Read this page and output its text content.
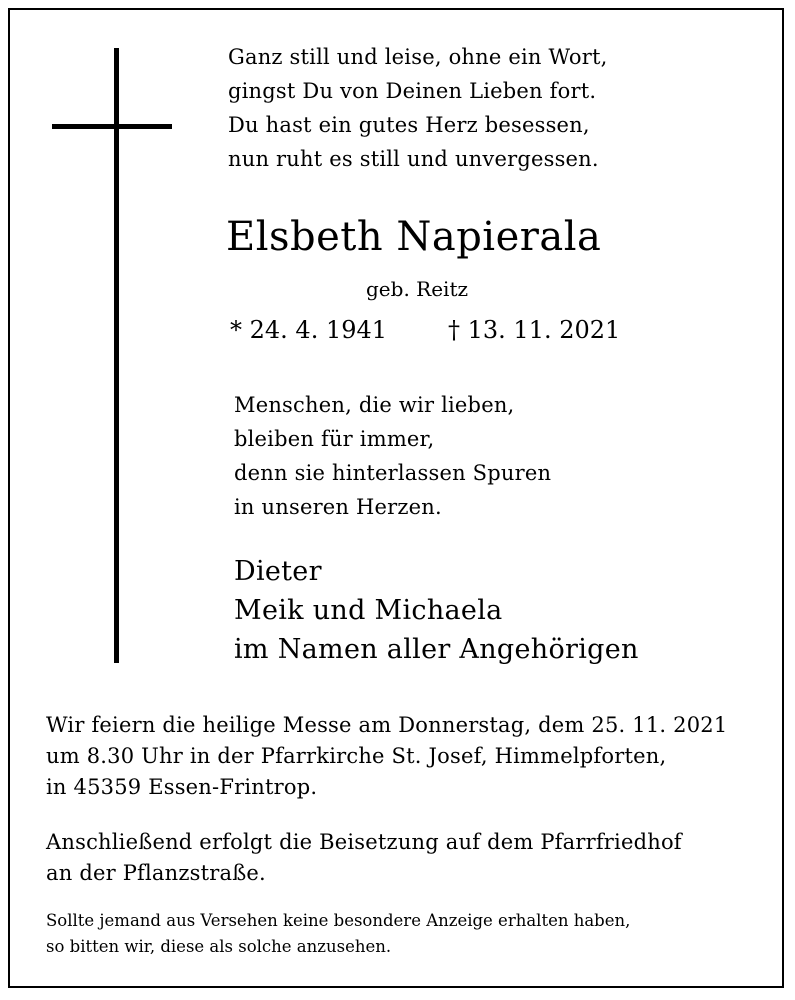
Ganz still und leise, ohne ein Wort,
gingst Du von Deinen Lieben fort.
Du hast ein gutes Herz besessen,
nun ruht es still und unvergessen.
Elsbeth Napierala
geb. Reitz
* 24. 4. 1941	† 13. 11. 2021
Menschen, die wir lieben,
bleiben für immer,
denn sie hinterlassen Spuren
in unseren Herzen.
Dieter
Meik und Michaela
im Namen aller Angehörigen
Wir feiern die heilige Messe am Donnerstag, dem 25. 11. 2021
um 8.30 Uhr in der Pfarrkirche St. Josef, Himmelpforten,
in 45359 Essen-Frintrop.
Anschließend erfolgt die Beisetzung auf dem Pfarrfriedhof
an der Pflanzstraße.
Sollte jemand aus Versehen keine besondere Anzeige erhalten haben,
so bitten wir, diese als solche anzusehen.
